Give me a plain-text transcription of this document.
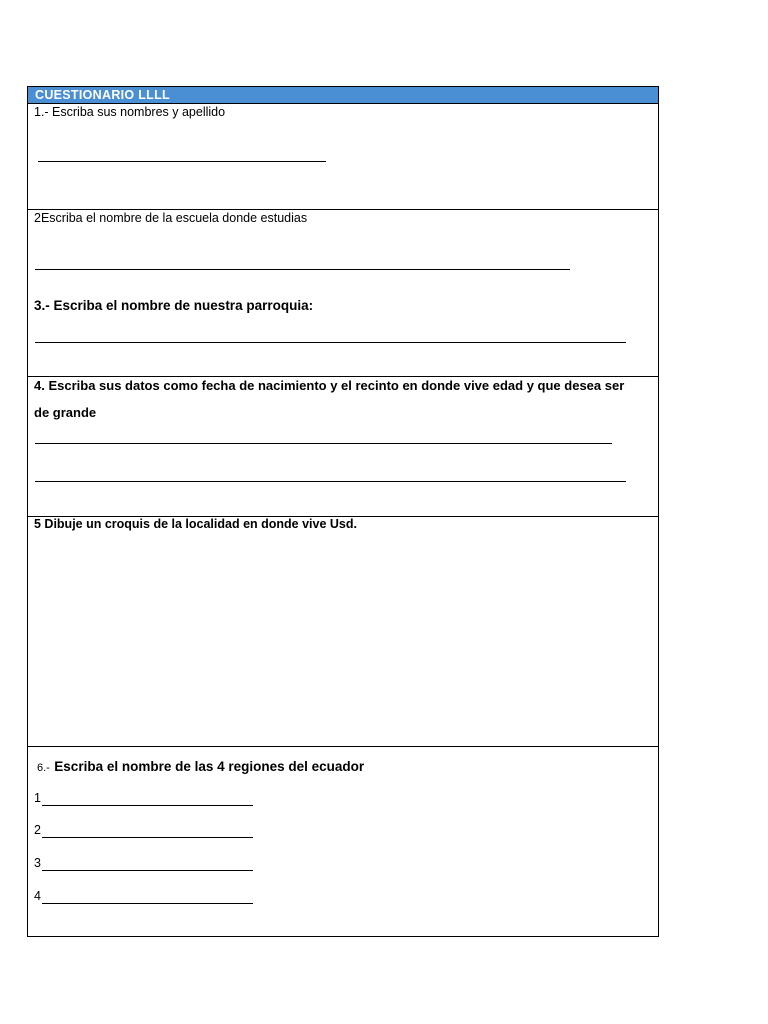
CUESTIONARIO LLLL
1.- Escriba sus nombres y apellido
2Escriba el nombre de la escuela donde estudias
3.- Escriba el nombre de nuestra parroquia:
4. Escriba sus datos como fecha de nacimiento y el recinto en donde vive edad y que desea ser
de grande
5 Dibuje un croquis de la localidad en donde vive Usd.
6.- Escriba el nombre de las 4 regiones del ecuador
1
2
3
4
